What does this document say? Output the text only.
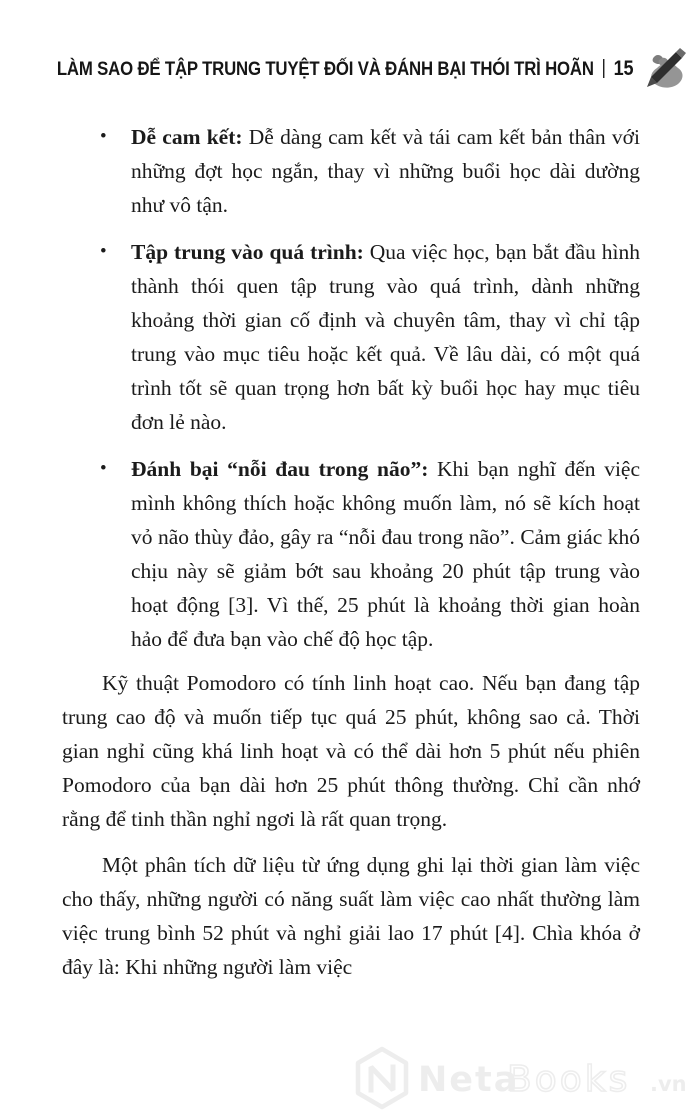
LÀM SAO ĐỂ TẬP TRUNG TUYỆT ĐỐI VÀ ĐÁNH BẠI THÓI TRÌ HOÃN | 15
• Dễ cam kết: Dễ dàng cam kết và tái cam kết bản thân với những đợt học ngắn, thay vì những buổi học dài dường như vô tận.
• Tập trung vào quá trình: Qua việc học, bạn bắt đầu hình thành thói quen tập trung vào quá trình, dành những khoảng thời gian cố định và chuyên tâm, thay vì chỉ tập trung vào mục tiêu hoặc kết quả. Về lâu dài, có một quá trình tốt sẽ quan trọng hơn bất kỳ buổi học hay mục tiêu đơn lẻ nào.
• Đánh bại “nỗi đau trong não”: Khi bạn nghĩ đến việc mình không thích hoặc không muốn làm, nó sẽ kích hoạt vỏ não thùy đảo, gây ra “nỗi đau trong não”. Cảm giác khó chịu này sẽ giảm bớt sau khoảng 20 phút tập trung vào hoạt động [3]. Vì thế, 25 phút là khoảng thời gian hoàn hảo để đưa bạn vào chế độ học tập.

Kỹ thuật Pomodoro có tính linh hoạt cao. Nếu bạn đang tập trung cao độ và muốn tiếp tục quá 25 phút, không sao cả. Thời gian nghỉ cũng khá linh hoạt và có thể dài hơn 5 phút nếu phiên Pomodoro của bạn dài hơn 25 phút thông thường. Chỉ cần nhớ rằng để tinh thần nghỉ ngơi là rất quan trọng.

Một phân tích dữ liệu từ ứng dụng ghi lại thời gian làm việc cho thấy, những người có năng suất làm việc cao nhất thường làm việc trung bình 52 phút và nghỉ giải lao 17 phút [4]. Chìa khóa ở đây là: Khi những người làm việc

Neta
Books .vn
